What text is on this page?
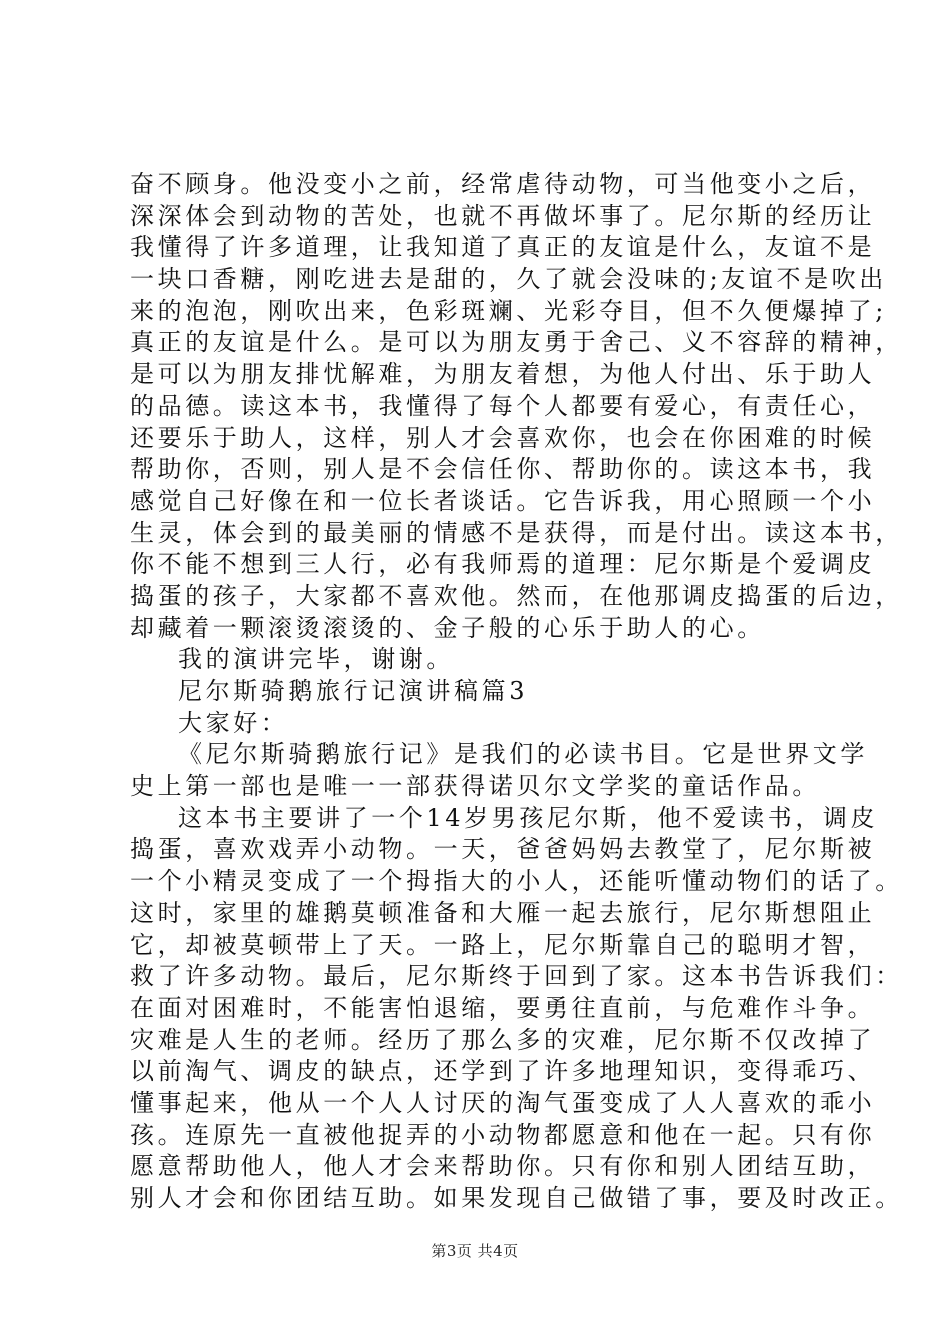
奋不顾身。他没变小之前，经常虐待动物，可当他变小之后，
深深体会到动物的苦处，也就不再做坏事了。尼尔斯的经历让
我懂得了许多道理，让我知道了真正的友谊是什么，友谊不是
一块口香糖，刚吃进去是甜的，久了就会没味的;友谊不是吹出
来的泡泡，刚吹出来，色彩斑斓、光彩夺目，但不久便爆掉了;
真正的友谊是什么。是可以为朋友勇于舍己、义不容辞的精神，
是可以为朋友排忧解难，为朋友着想，为他人付出、乐于助人
的品德。读这本书，我懂得了每个人都要有爱心，有责任心，
还要乐于助人，这样，别人才会喜欢你，也会在你困难的时候
帮助你，否则，别人是不会信任你、帮助你的。读这本书，我
感觉自己好像在和一位长者谈话。它告诉我，用心照顾一个小
生灵，体会到的最美丽的情感不是获得，而是付出。读这本书，
你不能不想到三人行，必有我师焉的道理：尼尔斯是个爱调皮
捣蛋的孩子，大家都不喜欢他。然而，在他那调皮捣蛋的后边，
却藏着一颗滚烫滚烫的、金子般的心乐于助人的心。
我的演讲完毕，谢谢。
尼尔斯骑鹅旅行记演讲稿篇3
大家好：
《尼尔斯骑鹅旅行记》是我们的必读书目。它是世界文学
史上第一部也是唯一一部获得诺贝尔文学奖的童话作品。
这本书主要讲了一个14岁男孩尼尔斯，他不爱读书，调皮
捣蛋，喜欢戏弄小动物。一天，爸爸妈妈去教堂了，尼尔斯被
一个小精灵变成了一个拇指大的小人，还能听懂动物们的话了。
这时，家里的雄鹅莫顿准备和大雁一起去旅行，尼尔斯想阻止
它，却被莫顿带上了天。一路上，尼尔斯靠自己的聪明才智，
救了许多动物。最后，尼尔斯终于回到了家。这本书告诉我们：
在面对困难时，不能害怕退缩，要勇往直前，与危难作斗争。
灾难是人生的老师。经历了那么多的灾难，尼尔斯不仅改掉了
以前淘气、调皮的缺点，还学到了许多地理知识，变得乖巧、
懂事起来，他从一个人人讨厌的淘气蛋变成了人人喜欢的乖小
孩。连原先一直被他捉弄的小动物都愿意和他在一起。只有你
愿意帮助他人，他人才会来帮助你。只有你和别人团结互助，
别人才会和你团结互助。如果发现自己做错了事，要及时改正。
第3页 共4页
